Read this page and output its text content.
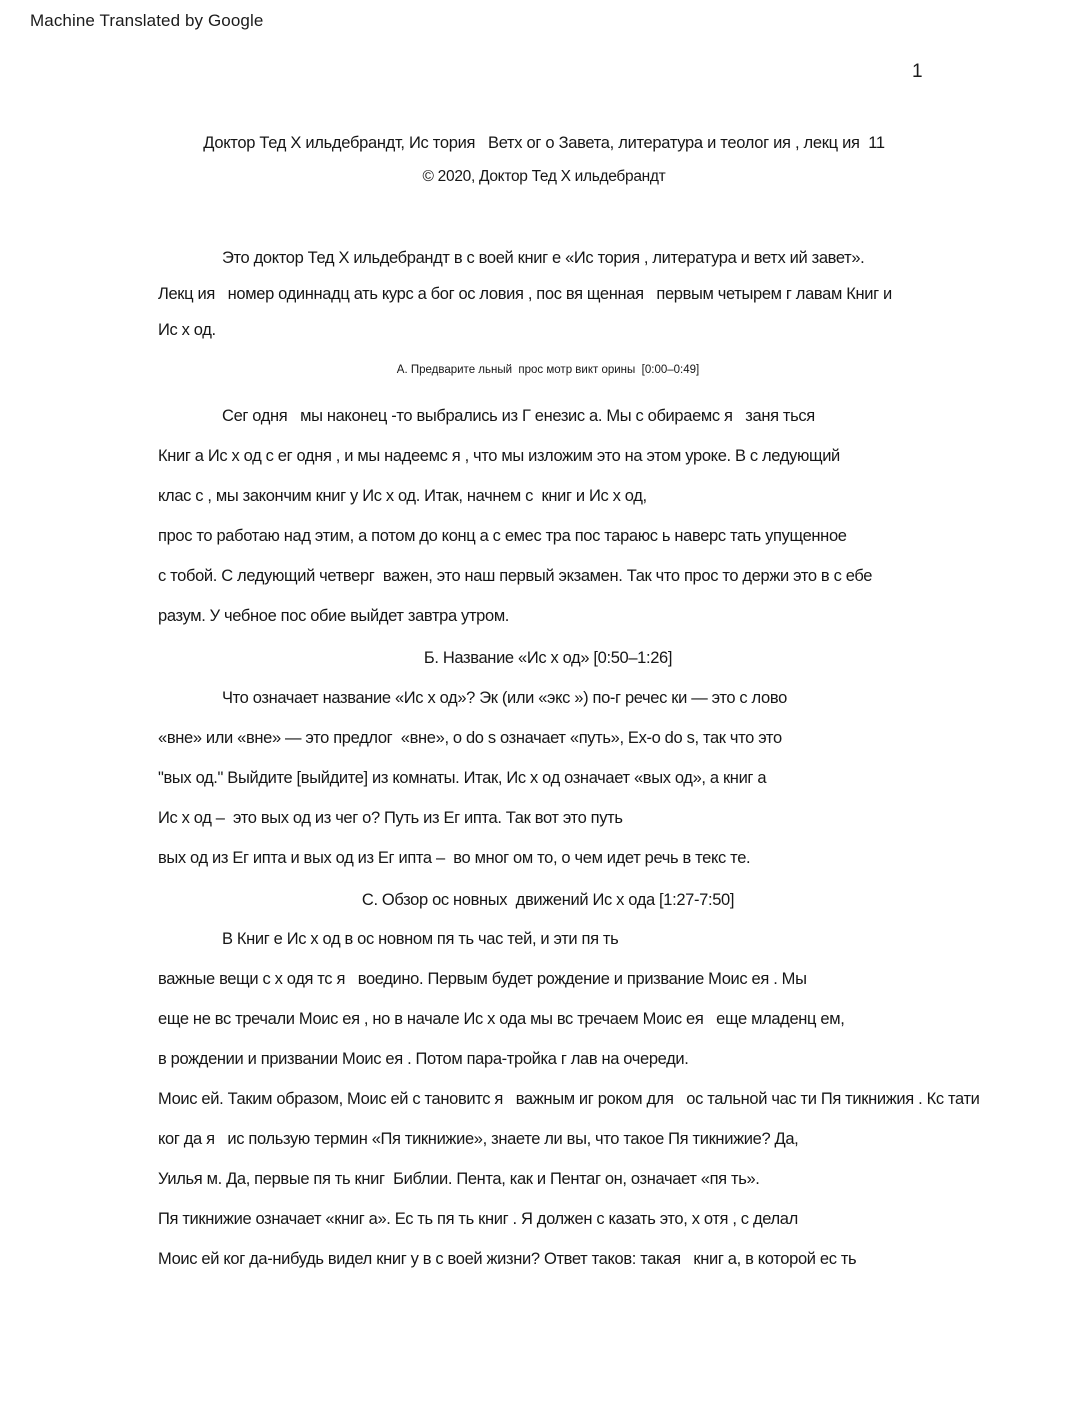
Machine Translated by Google
1
Доктор Тед Х ильдебрандт, Ис тория   Ветх ог о Завета, литература и теолог ия , лекц ия  11
© 2020, Доктор Тед Х ильдебрандт
Это доктор Тед Х ильдебрандт в с воей книг е «Ис тория , литература и ветх ий завет».
Лекц ия   номер одиннадц ать курс а бог ос ловия , пос вя щенная   первым четырем г лавам Книг и
Ис х од.
А. Предварите льный  прос мотр викт орины  [0:00–0:49]
Сег одня   мы наконец -то выбрались из Г енезис а. Мы с обираемс я   заня ться
Книг а Ис х од с ег одня , и мы надеемс я , что мы изложим это на этом уроке. В с ледующий
клас с , мы закончим книг у Ис х од. Итак, начнем с  книг и Ис х од,
прос то работаю над этим, а потом до конц а с емес тра пос тараюс ь наверс тать упущенное
с тобой. С ледующий четверг  важен, это наш первый экзамен. Так что прос то держи это в с ебе
разум. У чебное пос обие выйдет завтра утром.
Б. Название «Ис х од» [0:50–1:26]
Что означает название «Ис х од»? Эк (или «экс ») по-г речес ки — это с лово
«вне» или «вне» — это предлог  «вне», o do s означает «путь», Ex-o do s, так что это
"вых од." Выйдите [выйдите] из комнаты. Итак, Ис х од означает «вых од», а книг а
Ис х од –  это вых од из чег о? Путь из Ег ипта. Так вот это путь
вых од из Ег ипта и вых од из Ег ипта –  во мног ом то, о чем идет речь в текс те.
С. Обзор ос новных  движений Ис х ода [1:27-7:50]
В Книг е Ис х од в ос новном пя ть час тей, и эти пя ть
важные вещи с х одя тс я   воедино. Первым будет рождение и призвание Моис ея . Мы
еще не вс тречали Моис ея , но в начале Ис х ода мы вс тречаем Моис ея   еще младенц ем,
в рождении и призвании Моис ея . Потом пара-тройка г лав на очереди.
Моис ей. Таким образом, Моис ей с тановитс я   важным иг роком для   ос тальной час ти Пя тикнижия . Кс тати
ког да я   ис пользую термин «Пя тикнижие», знаете ли вы, что такое Пя тикнижие? Да,
Уилья м. Да, первые пя ть книг  Библии. Пента, как и Пентаг он, означает «пя ть».
Пя тикнижие означает «книг а». Ес ть пя ть книг . Я должен с казать это, х отя , с делал
Моис ей ког да-нибудь видел книг у в с воей жизни? Ответ таков: такая   книг а, в которой ес ть
